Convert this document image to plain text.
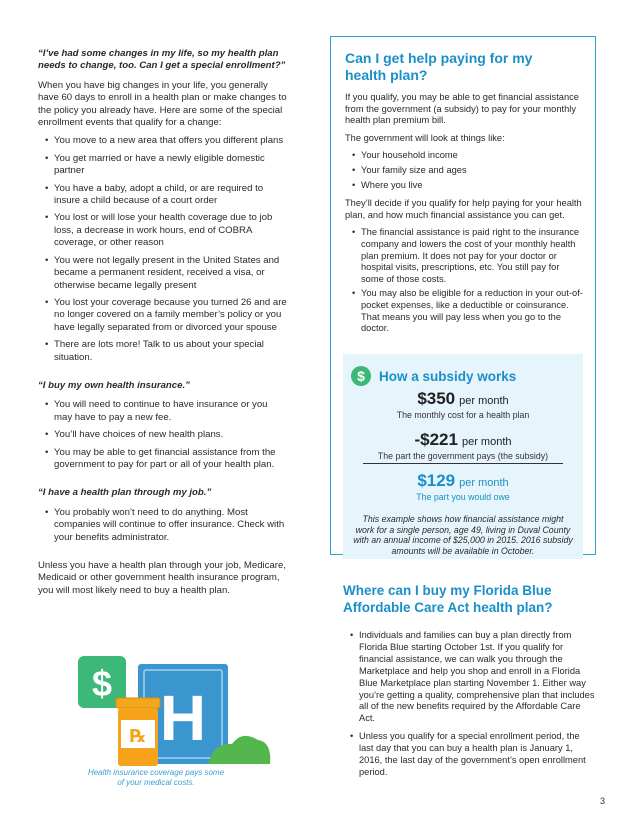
“I’ve had some changes in my life, so my health plan needs to change, too. Can I get a special enrollment?”

When you have big changes in your life, you generally have 60 days to enroll in a health plan or make changes to the policy you already have. Here are some of the special enrollment events that qualify for a change:

• You move to a new area that offers you different plans
• You get married or have a newly eligible domestic partner
• You have a baby, adopt a child, or are required to insure a child because of a court order
• You lost or will lose your health coverage due to job loss, a decrease in work hours, end of COBRA coverage, or other reason
• You were not legally present in the United States and became a permanent resident, received a visa, or otherwise became legally present
• You lost your coverage because you turned 26 and are no longer covered on a family member’s policy or you have legally separated from or divorced your spouse
• There are lots more! Talk to us about your special situation.

“I buy my own health insurance.”

• You will need to continue to have insurance or you may have to pay a new fee.
• You’ll have choices of new health plans.
• You may be able to get financial assistance from the government to pay for part or all of your health plan.

“I have a health plan through my job.”

• You probably won’t need to do anything. Most companies will continue to offer insurance. Check with your benefits administrator.

Unless you have a health plan through your job, Medicare, Medicaid or other government health insurance program, you will most likely need to buy a health plan.

$ H
℞
Health insurance coverage pays some of your medical costs.
Can I get help paying for my health plan?

If you qualify, you may be able to get financial assistance from the government (a subsidy) to pay for your monthly health plan premium bill.

The government will look at things like:

• Your household income
• Your family size and ages
• Where you live

They’ll decide if you qualify for help paying for your health plan, and how much financial assistance you can get.

• The financial assistance is paid right to the insurance company and lowers the cost of your monthly health plan premium. It does not pay for your doctor or hospital visits, prescriptions, etc. You still pay for some of those costs.
• You may also be eligible for a reduction in your out-of-pocket expenses, like a deductible or coinsurance. That means you will pay less when you go to the doctor.
$	How a subsidy works
$350 per month
The monthly cost for a health plan
-$221 per month
The part the government pays (the subsidy)
$129 per month
The part you would owe
This example shows how financial assistance might work for a single person, age 49, living in Duval County with an annual income of $25,000 in 2015. 2016 subsidy amounts will be available in October.
Where can I buy my Florida Blue Affordable Care Act health plan?
• Individuals and families can buy a plan directly from Florida Blue starting October 1st. If you qualify for financial assistance, we can walk you through the Marketplace and help you shop and enroll in a Florida Blue Marketplace plan starting November 1. Either way you’re getting a quality, comprehensive plan that includes all of the new benefits required by the Affordable Care Act.
• Unless you qualify for a special enrollment period, the last day that you can buy a health plan is January 1, 2016, the last day of the government’s open enrollment period.
3
